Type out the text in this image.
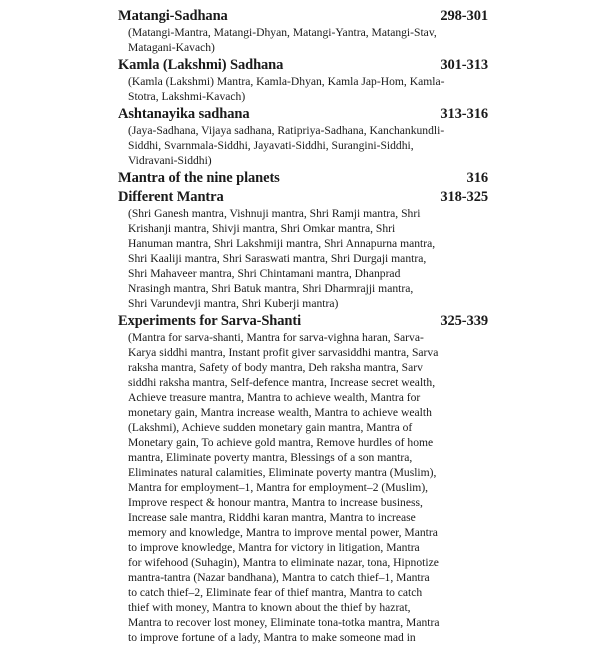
Matangi-Sadhana	298-301
(Matangi-Mantra, Matangi-Dhyan, Matangi-Yantra, Matangi-Stav,
Matagani-Kavach)
Kamla (Lakshmi) Sadhana	301-313
(Kamla (Lakshmi) Mantra, Kamla-Dhyan, Kamla Jap-Hom, Kamla-
Stotra, Lakshmi-Kavach)
Ashtanayika sadhana	313-316
(Jaya-Sadhana, Vijaya sadhana, Ratipriya-Sadhana, Kanchankundli-
Siddhi, Svarnmala-Siddhi, Jayavati-Siddhi, Surangini-Siddhi,
Vidravani-Siddhi)
Mantra of the nine planets	316
Different Mantra	318-325
(Shri Ganesh mantra, Vishnuji mantra, Shri Ramji mantra, Shri
Krishanji mantra, Shivji mantra, Shri Omkar mantra, Shri
Hanuman mantra, Shri Lakshmiji mantra, Shri Annapurna mantra,
Shri Kaaliji mantra, Shri Saraswati mantra, Shri Durgaji mantra,
Shri Mahaveer mantra, Shri Chintamani mantra, Dhanprad
Nrasingh mantra, Shri Batuk mantra, Shri Dharmrajji mantra,
Shri Varundevji mantra, Shri Kuberji mantra)
Experiments for Sarva-Shanti	325-339
(Mantra for sarva-shanti, Mantra for sarva-vighna haran, Sarva-
Karya siddhi mantra, Instant profit giver sarvasiddhi mantra, Sarva
raksha mantra, Safety of body mantra, Deh raksha mantra, Sarv
siddhi raksha mantra, Self-defence mantra, Increase secret wealth,
Achieve treasure mantra, Mantra to achieve wealth, Mantra for
monetary gain, Mantra increase wealth, Mantra to achieve wealth
(Lakshmi), Achieve sudden monetary gain mantra, Mantra of
Monetary gain, To achieve gold mantra, Remove hurdles of home
mantra, Eliminate poverty mantra, Blessings of a son mantra,
Eliminates natural calamities, Eliminate poverty mantra (Muslim),
Mantra for employment–1, Mantra for employment–2 (Muslim),
Improve respect & honour mantra, Mantra to increase business,
Increase sale mantra, Riddhi karan mantra, Mantra to increase
memory and knowledge, Mantra to improve mental power, Mantra
to improve knowledge, Mantra for victory in litigation, Mantra
for wifehood (Suhagin), Mantra to eliminate nazar, tona, Hipnotize
mantra-tantra (Nazar bandhana), Mantra to catch thief–1, Mantra
to catch thief–2, Eliminate fear of thief mantra, Mantra to catch
thief with money, Mantra to known about the thief by hazrat,
Mantra to recover lost money, Eliminate tona-totka mantra, Mantra
to improve fortune of a lady, Mantra to make someone mad in
